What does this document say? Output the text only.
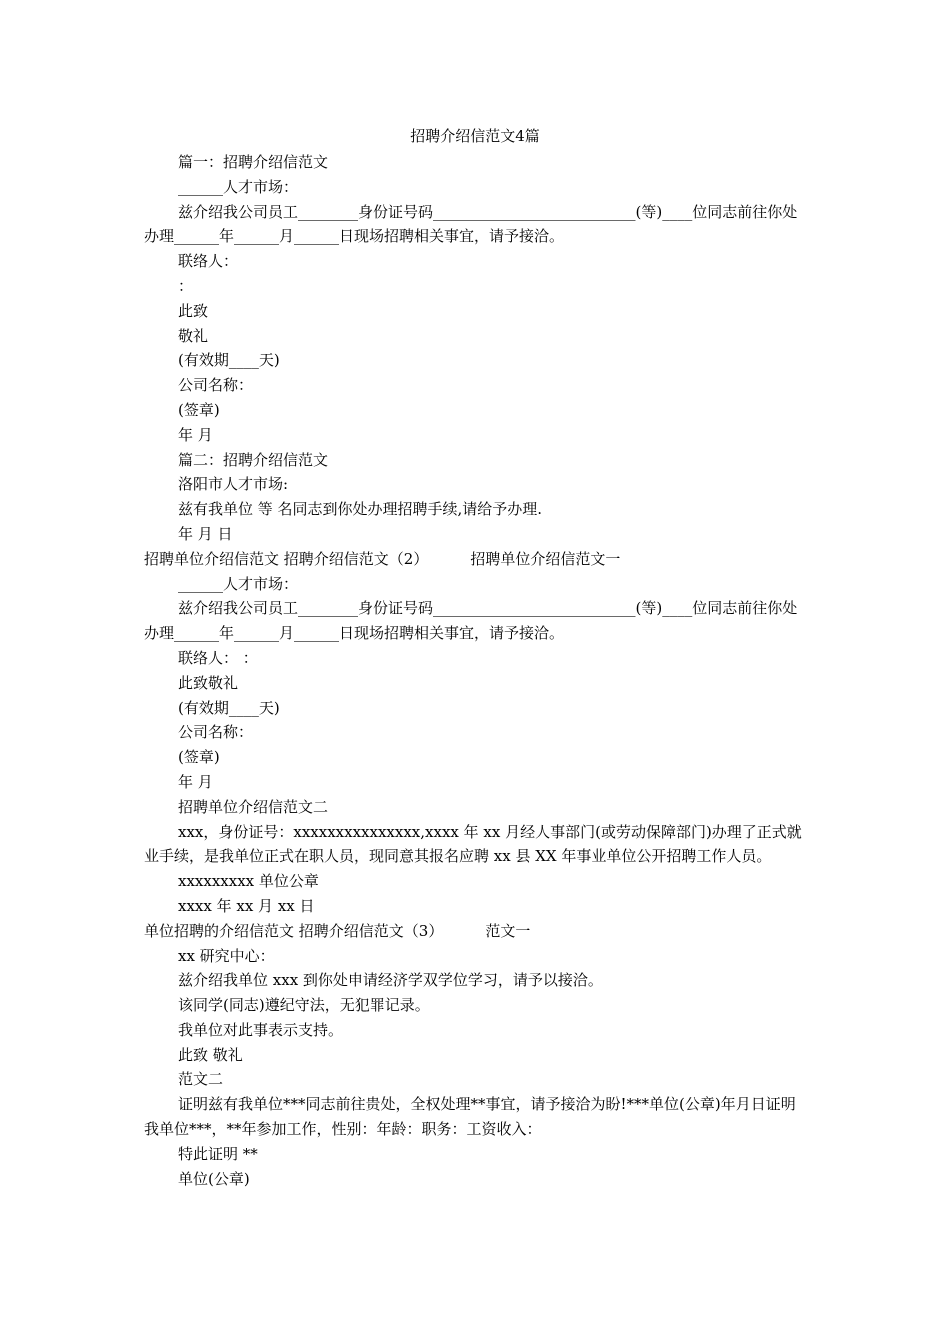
招聘介绍信范文4篇

篇一：招聘介绍信范文

______人才市场：

兹介绍我公司员工________身份证号码___________________________(等)____位同志前往你处办理______年______月______日现场招聘相关事宜，请予接洽。

联络人：

：

此致

敬礼

(有效期____天)

公司名称：

(签章)

年 月

篇二：招聘介绍信范文

洛阳市人才市场:

兹有我单位 等 名同志到你处办理招聘手续,请给予办理.

年 月 日

招聘单位介绍信范文 招聘介绍信范文（2）	招聘单位介绍信范文一

______人才市场：

兹介绍我公司员工________身份证号码___________________________(等)____位同志前往你处办理______年______月______日现场招聘相关事宜，请予接洽。

联络人： ：

此致敬礼

(有效期____天)

公司名称：

(签章)

年 月

招聘单位介绍信范文二

xxx，身份证号：xxxxxxxxxxxxxxx,xxxx 年 xx 月经人事部门(或劳动保障部门)办理了正式就业手续，是我单位正式在职人员，现同意其报名应聘 xx 县 XX 年事业单位公开招聘工作人员。

xxxxxxxxx 单位公章

xxxx 年 xx 月 xx 日

单位招聘的介绍信范文 招聘介绍信范文（3）	范文一

xx 研究中心：

兹介绍我单位 xxx 到你处申请经济学双学位学习，请予以接洽。

该同学(同志)遵纪守法，无犯罪记录。

我单位对此事表示支持。

此致 敬礼

范文二

证明兹有我单位***同志前往贵处，全权处理**事宜，请予接洽为盼!***单位(公章)年月日证明我单位***，**年参加工作，性别：年龄：职务：工资收入：

特此证明 **

单位(公章)
